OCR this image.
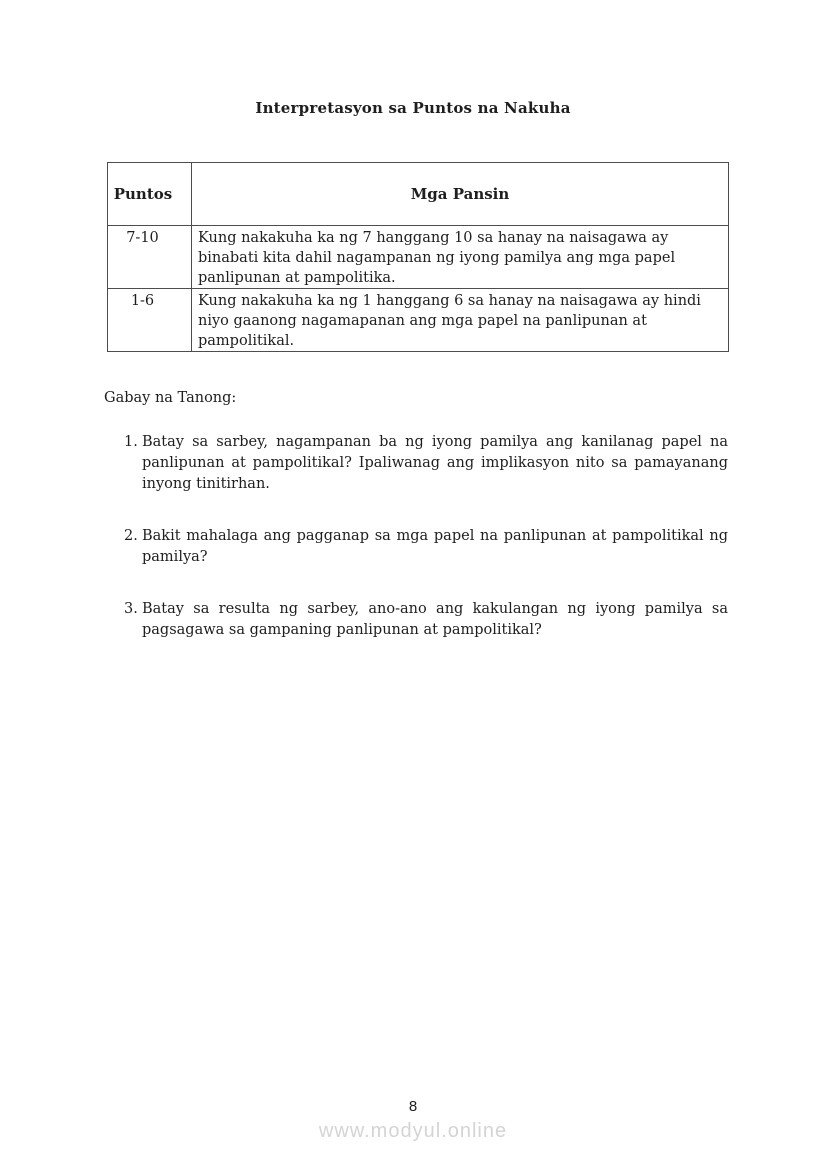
Interpretasyon sa Puntos na Nakuha
Puntos	Mga Pansin
7-10	Kung nakakuha ka ng 7 hanggang 10 sa hanay na naisagawa ay binabati kita dahil nagampanan ng iyong pamilya ang mga papel panlipunan at pampolitika.
1-6	Kung nakakuha ka ng 1 hanggang 6 sa hanay na naisagawa ay hindi niyo gaanong nagamapanan ang mga papel na panlipunan at pampolitikal.
Gabay na Tanong:
1. Batay sa sarbey, nagampanan ba ng iyong pamilya ang kanilanag papel na panlipunan at pampolitikal? Ipaliwanag ang implikasyon nito sa pamayanang inyong tinitirhan.
2. Bakit mahalaga ang pagganap sa mga papel na panlipunan at pampolitikal ng pamilya?
3. Batay sa resulta ng sarbey, ano-ano ang kakulangan ng iyong pamilya sa pagsagawa sa gampaning panlipunan at pampolitikal?
8
www.modyul.online
